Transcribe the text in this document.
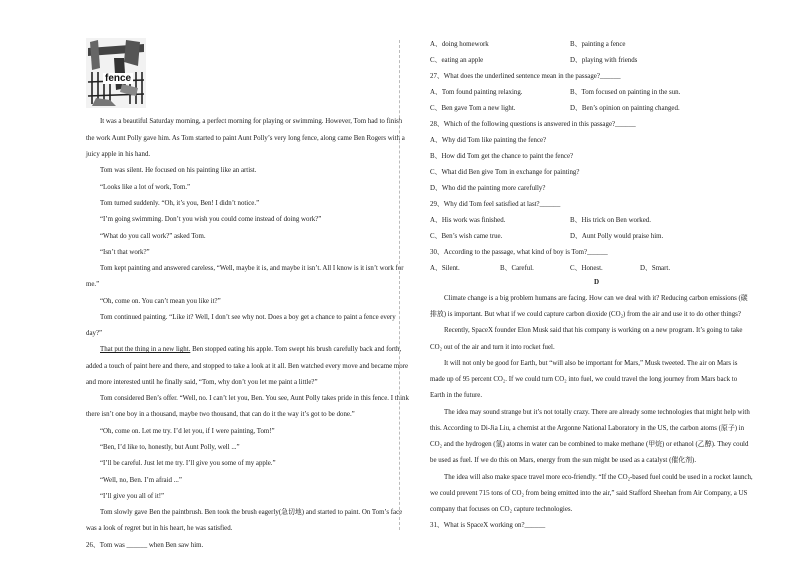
fence
It was a beautiful Saturday morning, a perfect morning for playing or swimming. However, Tom had to finish
the work Aunt Polly gave him. As Tom started to paint Aunt Polly’s very long fence, along came Ben Rogers with a
juicy apple in his hand.
Tom was silent. He focused on his painting like an artist.
“Looks like a lot of work, Tom.”
Tom turned suddenly. “Oh, it’s you, Ben! I didn’t notice.”
“I’m going swimming. Don’t you wish you could come instead of doing work?”
“What do you call work?” asked Tom.
“Isn’t that work?”
Tom kept painting and answered careless, “Well, maybe it is, and maybe it isn’t. All I know is it isn’t work for
me.”
“Oh, come on. You can’t mean you like it?”
Tom continued painting. “Like it? Well, I don’t see why not. Does a boy get a chance to paint a fence every
day?”
That put the thing in a new light. Ben stopped eating his apple. Tom swept his brush carefully back and forth,
added a touch of paint here and there, and stopped to take a look at it all. Ben watched every move and became more
and more interested until he finally said, “Tom, why don’t you let me paint a little?”
Tom considered Ben’s offer. “Well, no. I can’t let you, Ben. You see, Aunt Polly takes pride in this fence. I think
there isn’t one boy in a thousand, maybe two thousand, that can do it the way it’s got to be done.”
“Oh, come on. Let me try. I’d let you, if I were painting, Tom!”
“Ben, I’d like to, honestly, but Aunt Polly, well ...”
“I’ll be careful. Just let me try. I’ll give you some of my apple.”
“Well, no, Ben. I’m afraid ...”
“I’ll give you all of it!”
Tom slowly gave Ben the paintbrush. Ben took the brush eagerly(急切地) and started to paint. On Tom’s face
was a look of regret but in his heart, he was satisfied.
26、Tom was ______ when Ben saw him.
A、doing homework	B、painting a fence
C、eating an apple	D、playing with friends
27、What does the underlined sentence mean in the passage?______
A、Tom found painting relaxing.	B、Tom focused on painting in the sun.
C、Ben gave Tom a new light.	D、Ben’s opinion on painting changed.
28、Which of the following questions is answered in this passage?______
A、Why did Tom like painting the fence?
B、How did Tom get the chance to paint the fence?
C、What did Ben give Tom in exchange for painting?
D、Who did the painting more carefully?
29、Why did Tom feel satisfied at last?______
A、His work was finished.	B、His trick on Ben worked.
C、Ben’s wish came true.	D、Aunt Polly would praise him.
30、According to the passage, what kind of boy is Tom?______
A、Silent.	B、Careful.	C、Honest.	D、Smart.
D
Climate change is a big problem humans are facing. How can we deal with it? Reducing carbon emissions (碳
排放) is important. But what if we could capture carbon dioxide (CO₂) from the air and use it to do other things?
Recently, SpaceX founder Elon Musk said that his company is working on a new program. It’s going to take
CO₂ out of the air and turn it into rocket fuel.
It will not only be good for Earth, but “will also be important for Mars,” Musk tweeted. The air on Mars is
made up of 95 percent CO₂. If we could turn CO₂ into fuel, we could travel the long journey from Mars back to
Earth in the future.
The idea may sound strange but it’s not totally crazy. There are already some technologies that might help with
this. According to Di-Jia Liu, a chemist at the Argonne National Laboratory in the US, the carbon atoms (原子) in
CO₂ and the hydrogen (氢) atoms in water can be combined to make methane (甲烷) or ethanol (乙醇). They could
be used as fuel. If we do this on Mars, energy from the sun might be used as a catalyst (催化剂).
The idea will also make space travel more eco-friendly. “If the CO₂-based fuel could be used in a rocket launch,
we could prevent 715 tons of CO₂ from being emitted into the air,” said Stafford Sheehan from Air Company, a US
company that focuses on CO₂ capture technologies.
31、What is SpaceX working on?______
